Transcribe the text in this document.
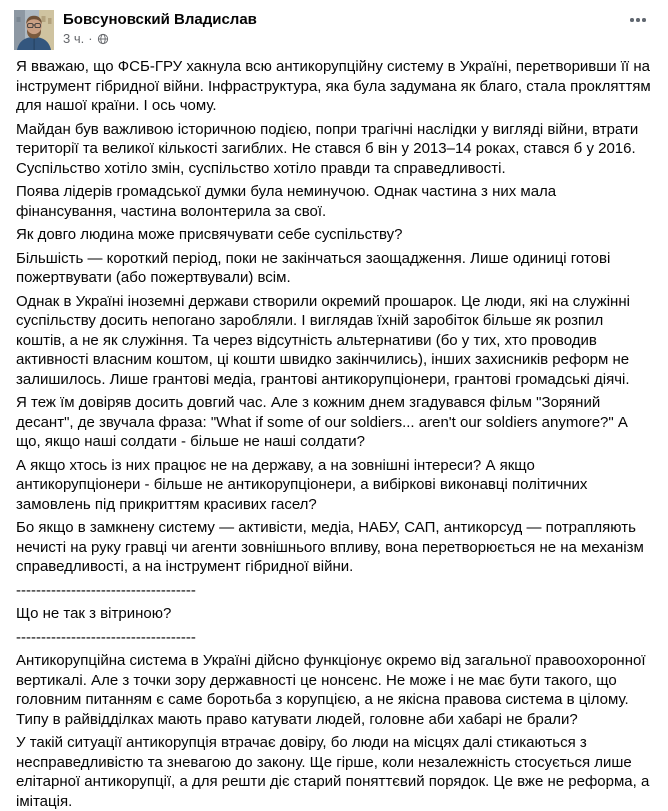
Бовсуновский Владислав
3 ч. ·

Я вважаю, що ФСБ-ГРУ хакнула всю антикорупційну систему в Україні, перетворивши її на інструмент гібридної війни. Інфраструктура, яка була задумана як благо, стала прокляттям для нашої країни. І ось чому.

Майдан був важливою історичною подією, попри трагічні наслідки у вигляді війни, втрати території та великої кількості загиблих. Не стався б він у 2013–14 роках, стався б у 2016. Суспільство хотіло змін, суспільство хотіло правди та справедливості.

Поява лідерів громадської думки була неминучою. Однак частина з них мала фінансування, частина волонтерила за свої.

Як довго людина може присвячувати себе суспільству?

Більшість — короткий період, поки не закінчаться заощадження. Лише одиниці готові пожертвувати (або пожертвували) всім.

Однак в Україні іноземні держави створили окремий прошарок. Це люди, які на служінні суспільству досить непогано заробляли. І виглядав їхній заробіток більше як розпил коштів, а не як служіння. Та через відсутність альтернативи (бо у тих, хто проводив активності власним коштом, ці кошти швидко закінчились), інших захисників реформ не залишилось. Лише грантові медіа, грантові антикорупціонери, грантові громадські діячі.

Я теж їм довіряв досить довгий час. Але з кожним днем згадувався фільм "Зоряний десант", де звучала фраза: "What if some of our soldiers... aren't our soldiers anymore?" А що, якщо наші солдати - більше не наші солдати?

А якщо хтось із них працює не на державу, а на зовнішні інтереси? А якщо антикорупціонери - більше не антикорупціонери, а вибіркові виконавці політичних замовлень під прикриттям красивих гасел?

Бо якщо в замкнену систему — активісти, медіа, НАБУ, САП, антикорсуд — потрапляють нечисті на руку гравці чи агенти зовнішнього впливу, вона перетворюється не на механізм справедливості, а на інструмент гібридної війни.

------------------------------------

Що не так з вітриною?

------------------------------------

Антикорупційна система в Україні дійсно функціонує окремо від загальної правоохоронної вертикалі. Але з точки зору державності це нонсенс. Не може і не має бути такого, що головним питанням є саме боротьба з корупцією, а не якісна правова система в цілому. Типу в райвідділках мають право катувати людей, головне аби хабарі не брали?

У такій ситуації антикорупція втрачає довіру, бо люди на місцях далі стикаються з несправедливістю та зневагою до закону. Ще гірше, коли незалежність стосується лише елітарної антикорупції, а для решти діє старий поняттєвий порядок. Це вже не реформа, а імітація.
